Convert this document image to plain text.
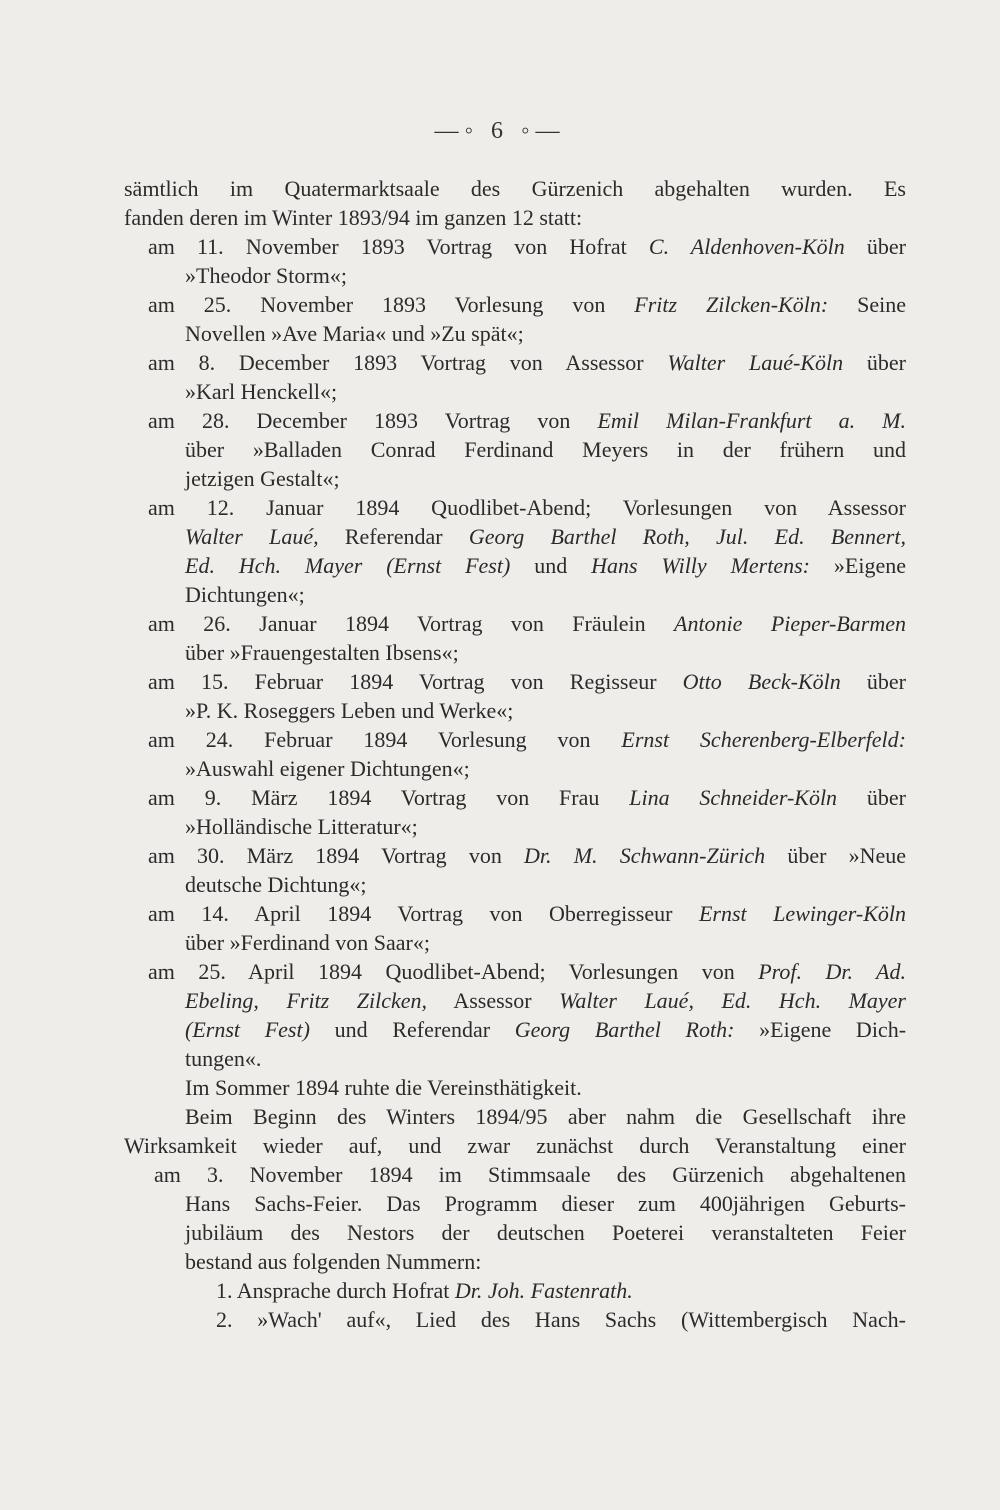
—◦ 6 ◦—
sämtlich im Quatermarktsaale des Gürzenich abgehalten wurden. Es
fanden deren im Winter 1893/94 im ganzen 12 statt:
am 11. November 1893 Vortrag von Hofrat C. Aldenhoven-Köln über
»Theodor Storm«;
am 25. November 1893 Vorlesung von Fritz Zilcken-Köln: Seine
Novellen »Ave Maria« und »Zu spät«;
am 8. December 1893 Vortrag von Assessor Walter Laué-Köln über
»Karl Henckell«;
am 28. December 1893 Vortrag von Emil Milan-Frankfurt a. M.
über »Balladen Conrad Ferdinand Meyers in der frühern und
jetzigen Gestalt«;
am 12. Januar 1894 Quodlibet-Abend; Vorlesungen von Assessor
Walter Laué, Referendar Georg Barthel Roth, Jul. Ed. Bennert,
Ed. Hch. Mayer (Ernst Fest) und Hans Willy Mertens: »Eigene
Dichtungen«;
am 26. Januar 1894 Vortrag von Fräulein Antonie Pieper-Barmen
über »Frauengestalten Ibsens«;
am 15. Februar 1894 Vortrag von Regisseur Otto Beck-Köln über
»P. K. Roseggers Leben und Werke«;
am 24. Februar 1894 Vorlesung von Ernst Scherenberg-Elberfeld:
»Auswahl eigener Dichtungen«;
am 9. März 1894 Vortrag von Frau Lina Schneider-Köln über
»Holländische Litteratur«;
am 30. März 1894 Vortrag von Dr. M. Schwann-Zürich über »Neue
deutsche Dichtung«;
am 14. April 1894 Vortrag von Oberregisseur Ernst Lewinger-Köln
über »Ferdinand von Saar«;
am 25. April 1894 Quodlibet-Abend; Vorlesungen von Prof. Dr. Ad.
Ebeling, Fritz Zilcken, Assessor Walter Laué, Ed. Hch. Mayer
(Ernst Fest) und Referendar Georg Barthel Roth: »Eigene Dich-
tungen«.
Im Sommer 1894 ruhte die Vereinsthätigkeit.
Beim Beginn des Winters 1894/95 aber nahm die Gesellschaft ihre
Wirksamkeit wieder auf, und zwar zunächst durch Veranstaltung einer
am 3. November 1894 im Stimmsaale des Gürzenich abgehaltenen
Hans Sachs-Feier. Das Programm dieser zum 400jährigen Geburts-
jubiläum des Nestors der deutschen Poeterei veranstalteten Feier
bestand aus folgenden Nummern:
1. Ansprache durch Hofrat Dr. Joh. Fastenrath.
2. »Wach' auf«, Lied des Hans Sachs (Wittembergisch Nach-
